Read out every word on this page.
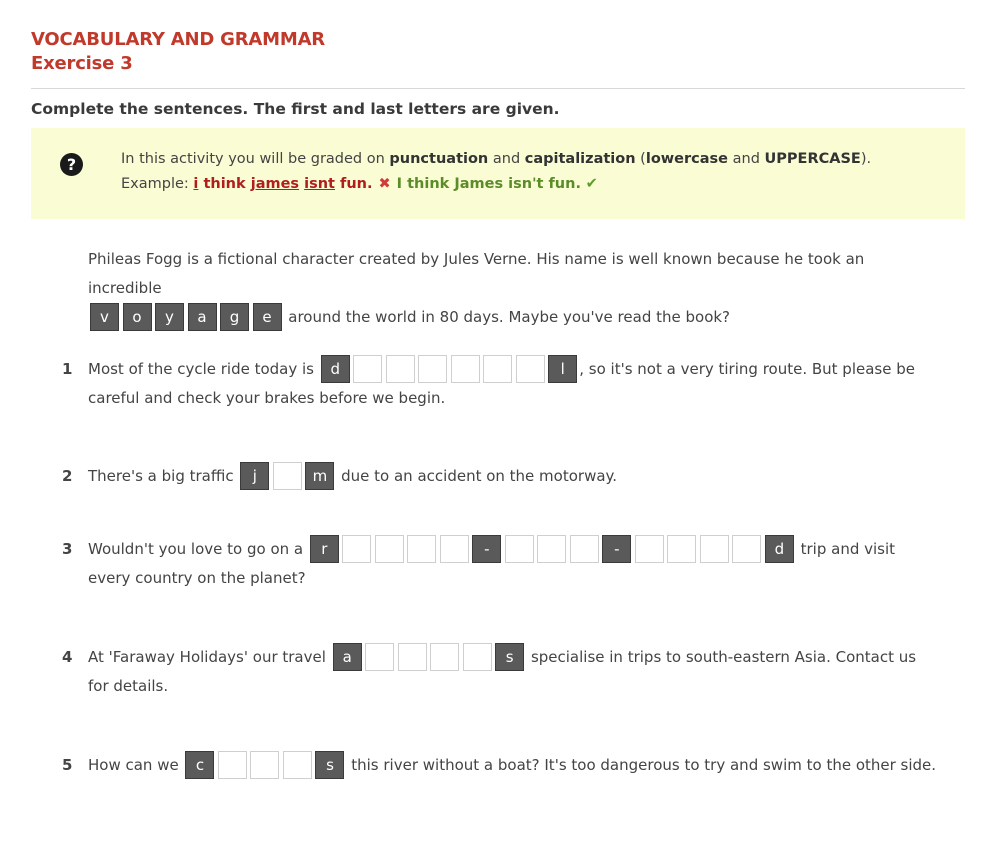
VOCABULARY AND GRAMMAR
Exercise 3
Complete the sentences. The first and last letters are given.
?	In this activity you will be graded on punctuation and capitalization (lowercase and UPPERCASE).
Example: i think james isnt fun. ✖ I think James isn't fun. ✔
Phileas Fogg is a fictional character created by Jules Verne. His name is well known because he took an incredible
v o y a g e around the world in 80 days. Maybe you've read the book?
1 Most of the cycle ride today is d	l , so it's not a very tiring route. But please be careful and check your brakes before we begin.
2 There's a big traffic j	m due to an accident on the motorway.
3 Wouldn't you love to go on a r	-	-	d trip and visit every country on the planet?
4 At 'Faraway Holidays' our travel a	s specialise in trips to south-eastern Asia. Contact us for details.
5 How can we c	s this river without a boat? It's too dangerous to try and swim to the other side.
